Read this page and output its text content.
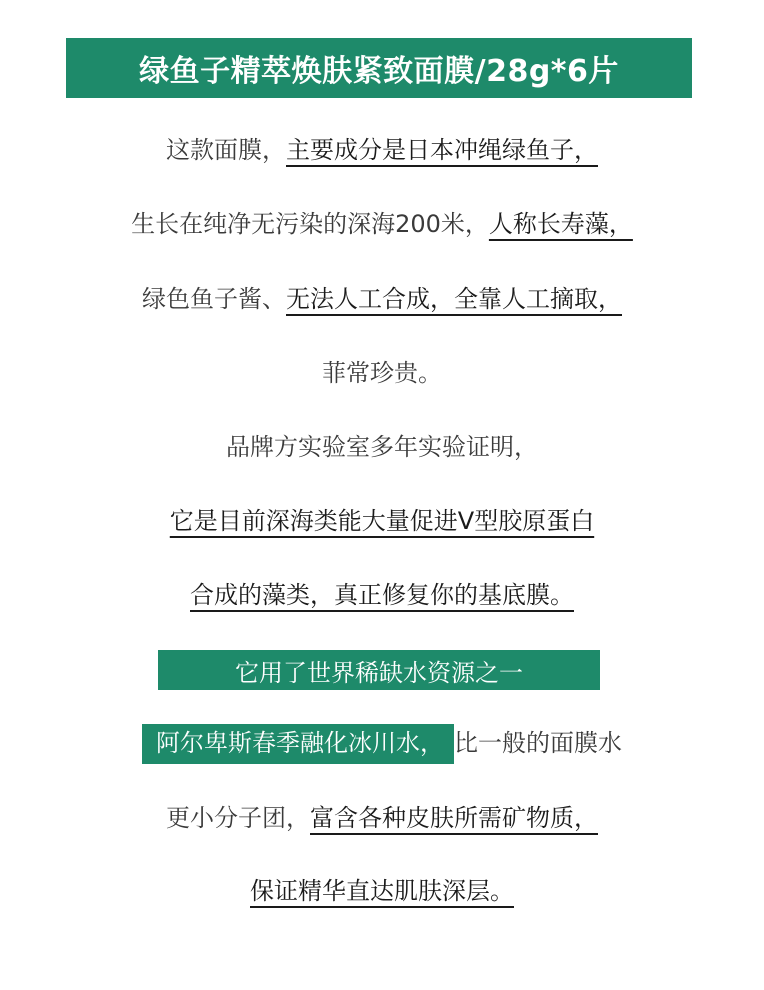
绿鱼子精萃焕肤紧致面膜/28g*6片
这款面膜，主要成分是日本冲绳绿鱼子，
生长在纯净无污染的深海200米，人称长寿藻，
绿色鱼子酱、无法人工合成，全靠人工摘取，
菲常珍贵。
品牌方实验室多年实验证明，
它是目前深海类能大量促进V型胶原蛋白
合成的藻类，真正修复你的基底膜。
它用了世界稀缺水资源之一
阿尔卑斯春季融化冰川水， 比一般的面膜水
更小分子团，富含各种皮肤所需矿物质，
保证精华直达肌肤深层。
